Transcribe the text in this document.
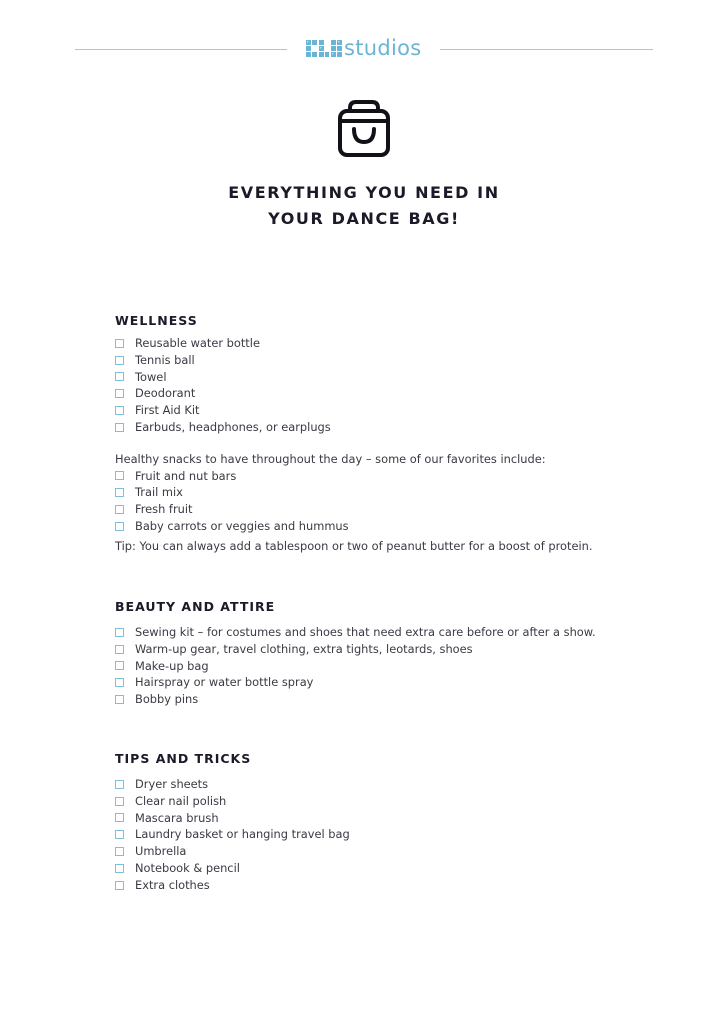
studios
EVERYTHING YOU NEED IN
YOUR DANCE BAG!
WELLNESS
Reusable water bottle
Tennis ball
Towel
Deodorant
First Aid Kit
Earbuds, headphones, or earplugs
Healthy snacks to have throughout the day – some of our favorites include:
Fruit and nut bars
Trail mix
Fresh fruit
Baby carrots or veggies and hummus
Tip: You can always add a tablespoon or two of peanut butter for a boost of protein.
BEAUTY AND ATTIRE
Sewing kit – for costumes and shoes that need extra care before or after a show.
Warm-up gear, travel clothing, extra tights, leotards, shoes
Make-up bag
Hairspray or water bottle spray
Bobby pins
TIPS AND TRICKS
Dryer sheets
Clear nail polish
Mascara brush
Laundry basket or hanging travel bag
Umbrella
Notebook & pencil
Extra clothes
